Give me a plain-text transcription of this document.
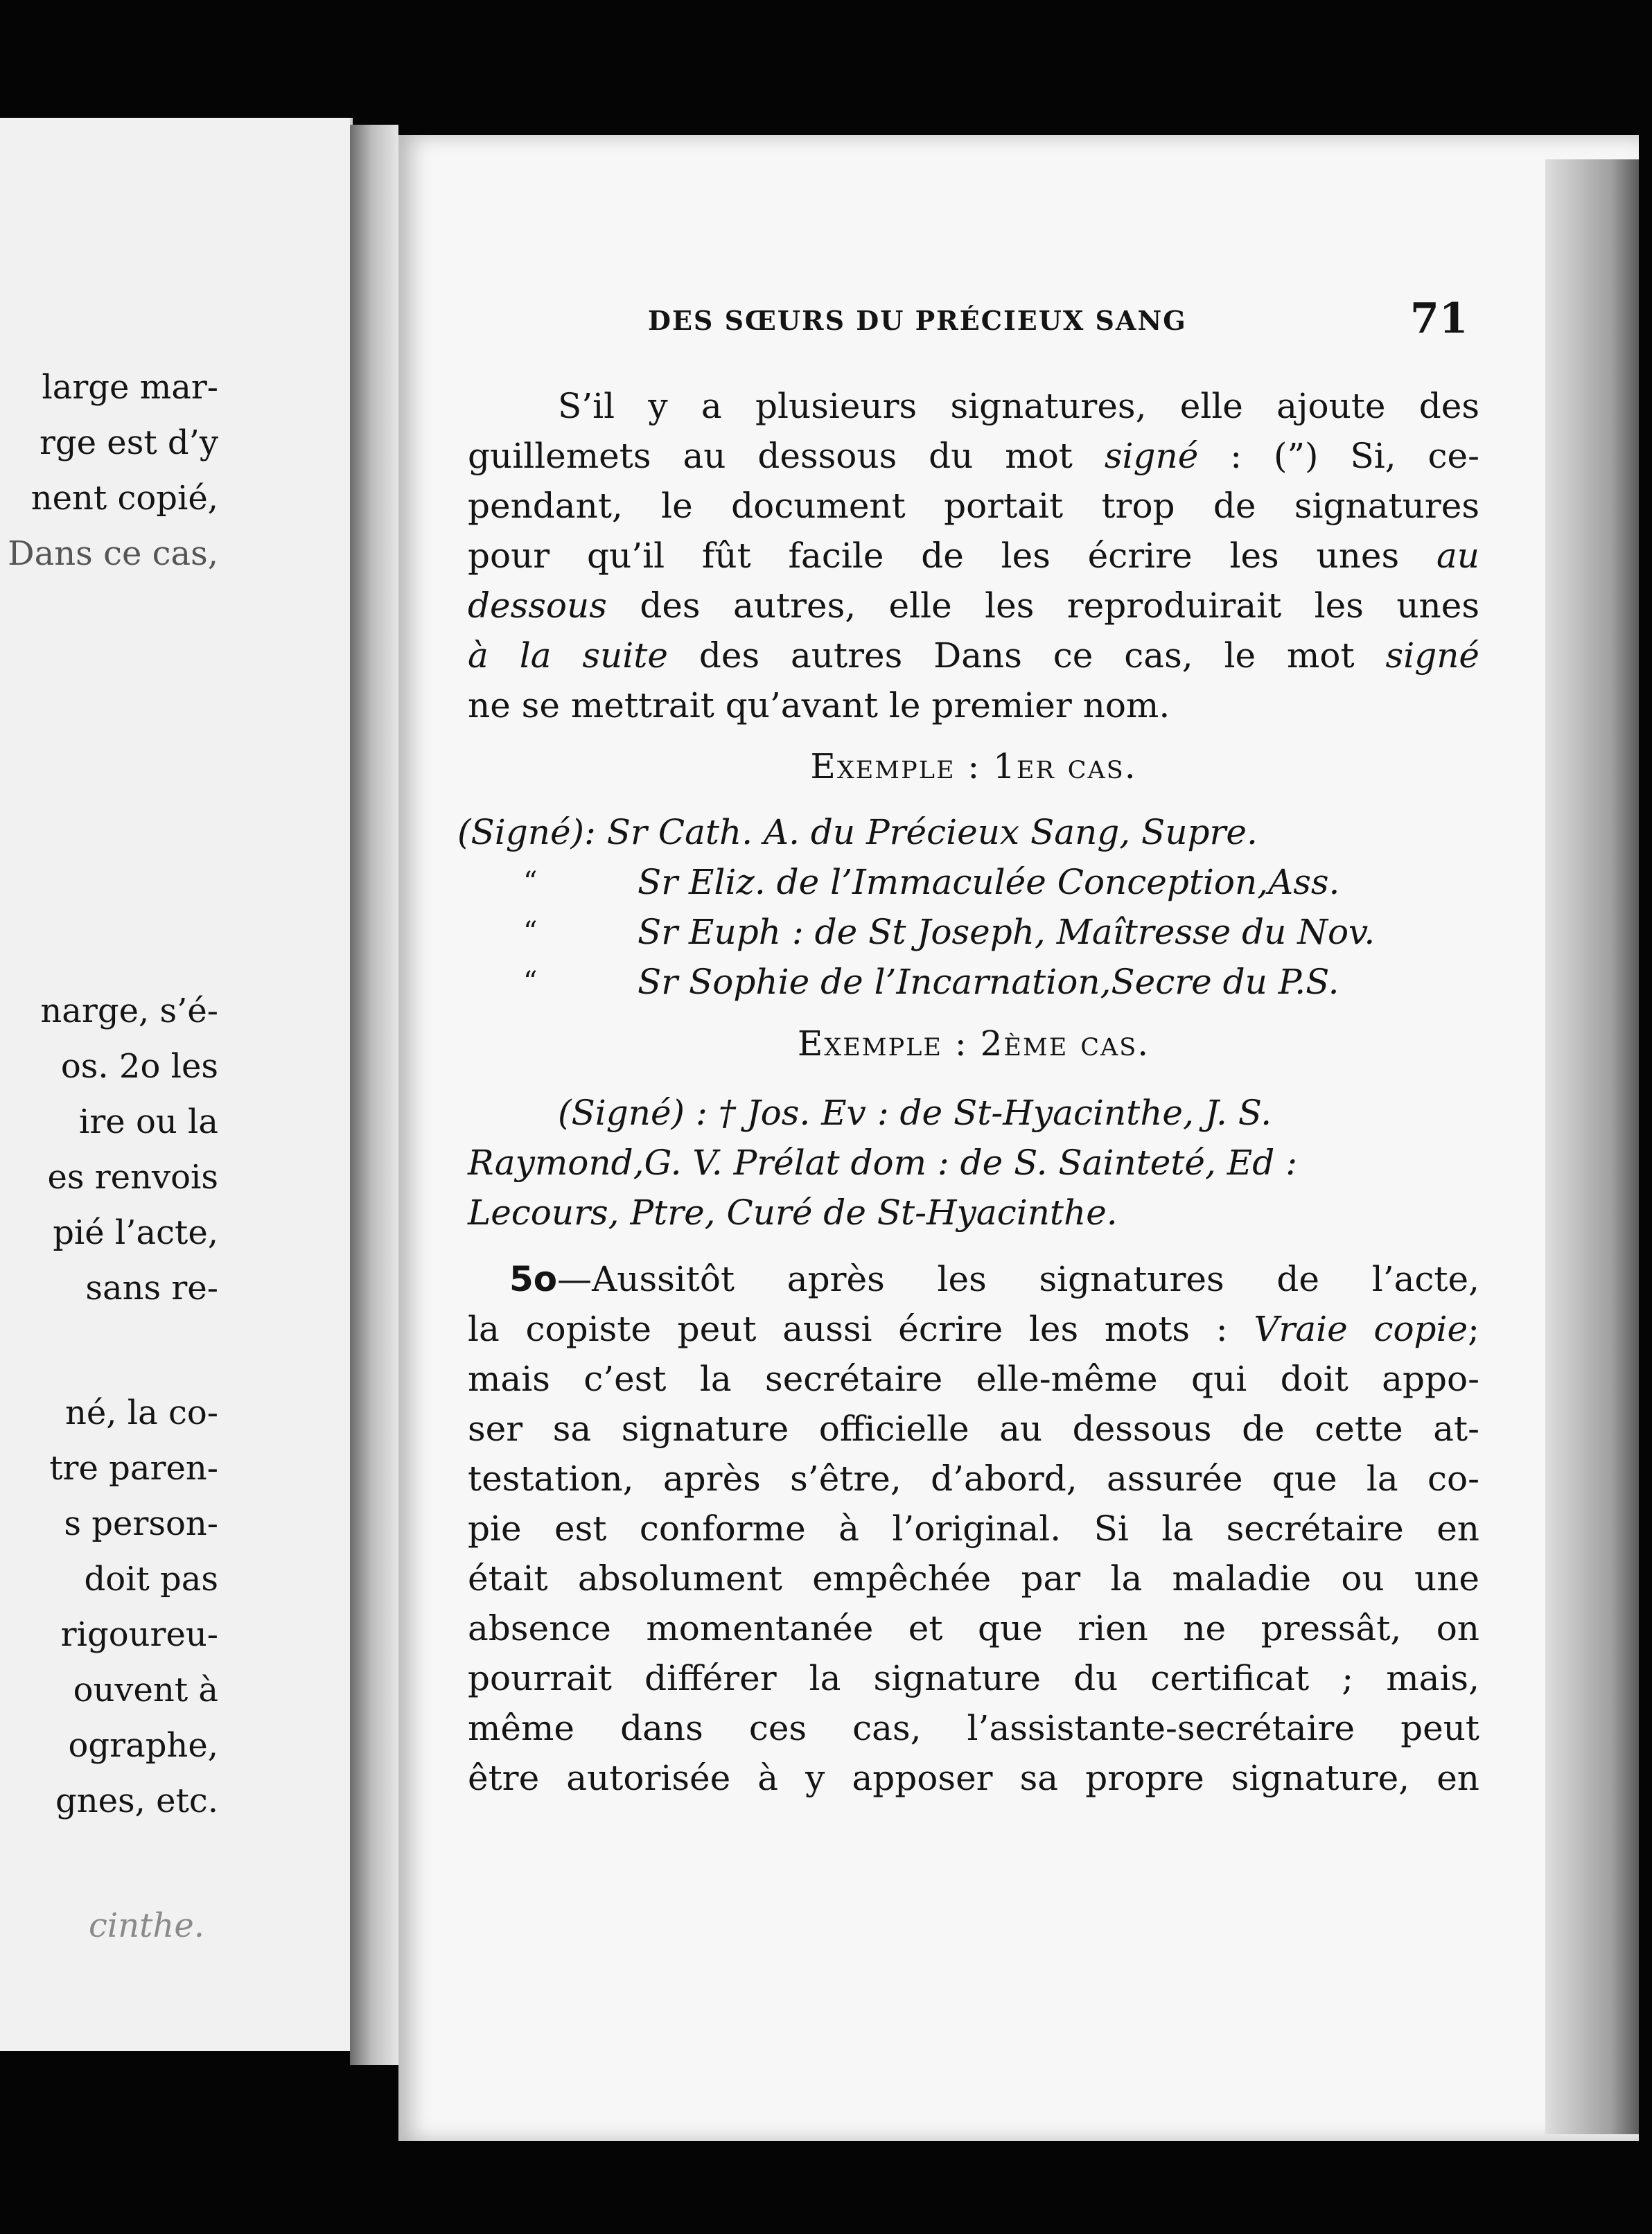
large mar-
rge est d’y
nent copié,
Dans ce cas,
narge, s’é-
os. 2o les
ire ou la
es renvois
pié l’acte,
sans re-
né, la co-
tre paren-
s person-
doit pas
rigoureu-
ouvent à
ographe,
gnes, etc.
cinthe.
DES SŒURS DU PRÉCIEUX SANG	71
S’il y a plusieurs signatures, elle ajoute des
guillemets au dessous du mot signé : (”) Si, ce-
pendant, le document portait trop de signatures
pour qu’il fût facile de les écrire les unes au
dessous des autres, elle les reproduirait les unes
à la suite des autres Dans ce cas, le mot signé
ne se mettrait qu’avant le premier nom.
Exemple : 1er cas.
(Signé): Sr Cath. A. du Précieux Sang, Supre.
“	Sr Eliz. de l’Immaculée Conception,Ass.
“	Sr Euph : de St Joseph, Maîtresse du Nov.
“	Sr Sophie de l’Incarnation,Secre du P.S.
Exemple : 2ème cas.
(Signé) : † Jos. Ev : de St-Hyacinthe, J. S.
Raymond,G. V. Prélat dom : de S. Sainteté, Ed :
Lecours, Ptre, Curé de St-Hyacinthe.
5o—Aussitôt après les signatures de l’acte,
la copiste peut aussi écrire les mots : Vraie copie;
mais c’est la secrétaire elle-même qui doit appo-
ser sa signature officielle au dessous de cette at-
testation, après s’être, d’abord, assurée que la co-
pie est conforme à l’original. Si la secrétaire en
était absolument empêchée par la maladie ou une
absence momentanée et que rien ne pressât, on
pourrait différer la signature du certificat ; mais,
même dans ces cas, l’assistante-secrétaire peut
être autorisée à y apposer sa propre signature, en
